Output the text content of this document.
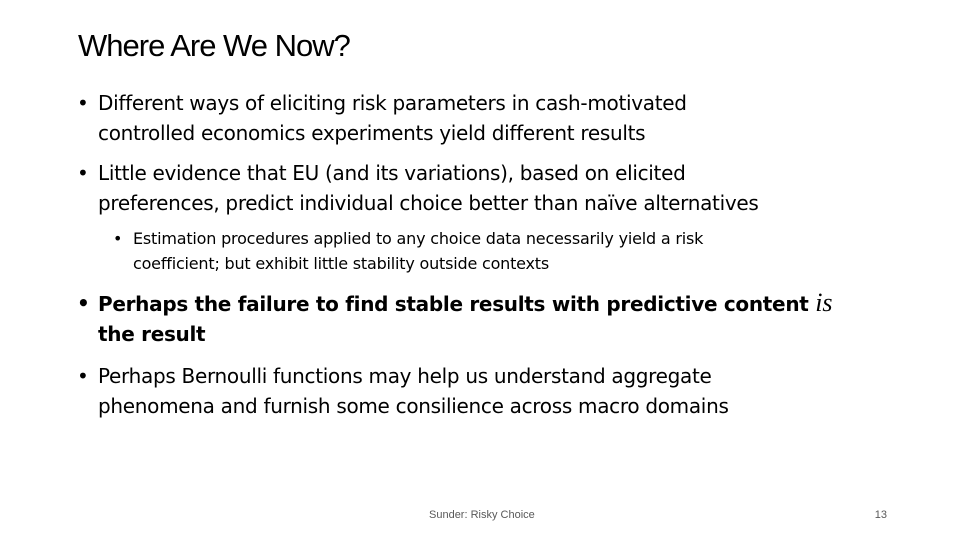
Where Are We Now?
• Different ways of eliciting risk parameters in cash-motivated
controlled economics experiments yield different results
• Little evidence that EU (and its variations), based on elicited
preferences, predict individual choice better than naïve alternatives
• Estimation procedures applied to any choice data necessarily yield a risk
coefficient; but exhibit little stability outside contexts
• Perhaps the failure to find stable results with predictive content is
the result
• Perhaps Bernoulli functions may help us understand aggregate
phenomena and furnish some consilience across macro domains
Sunder: Risky Choice	13
